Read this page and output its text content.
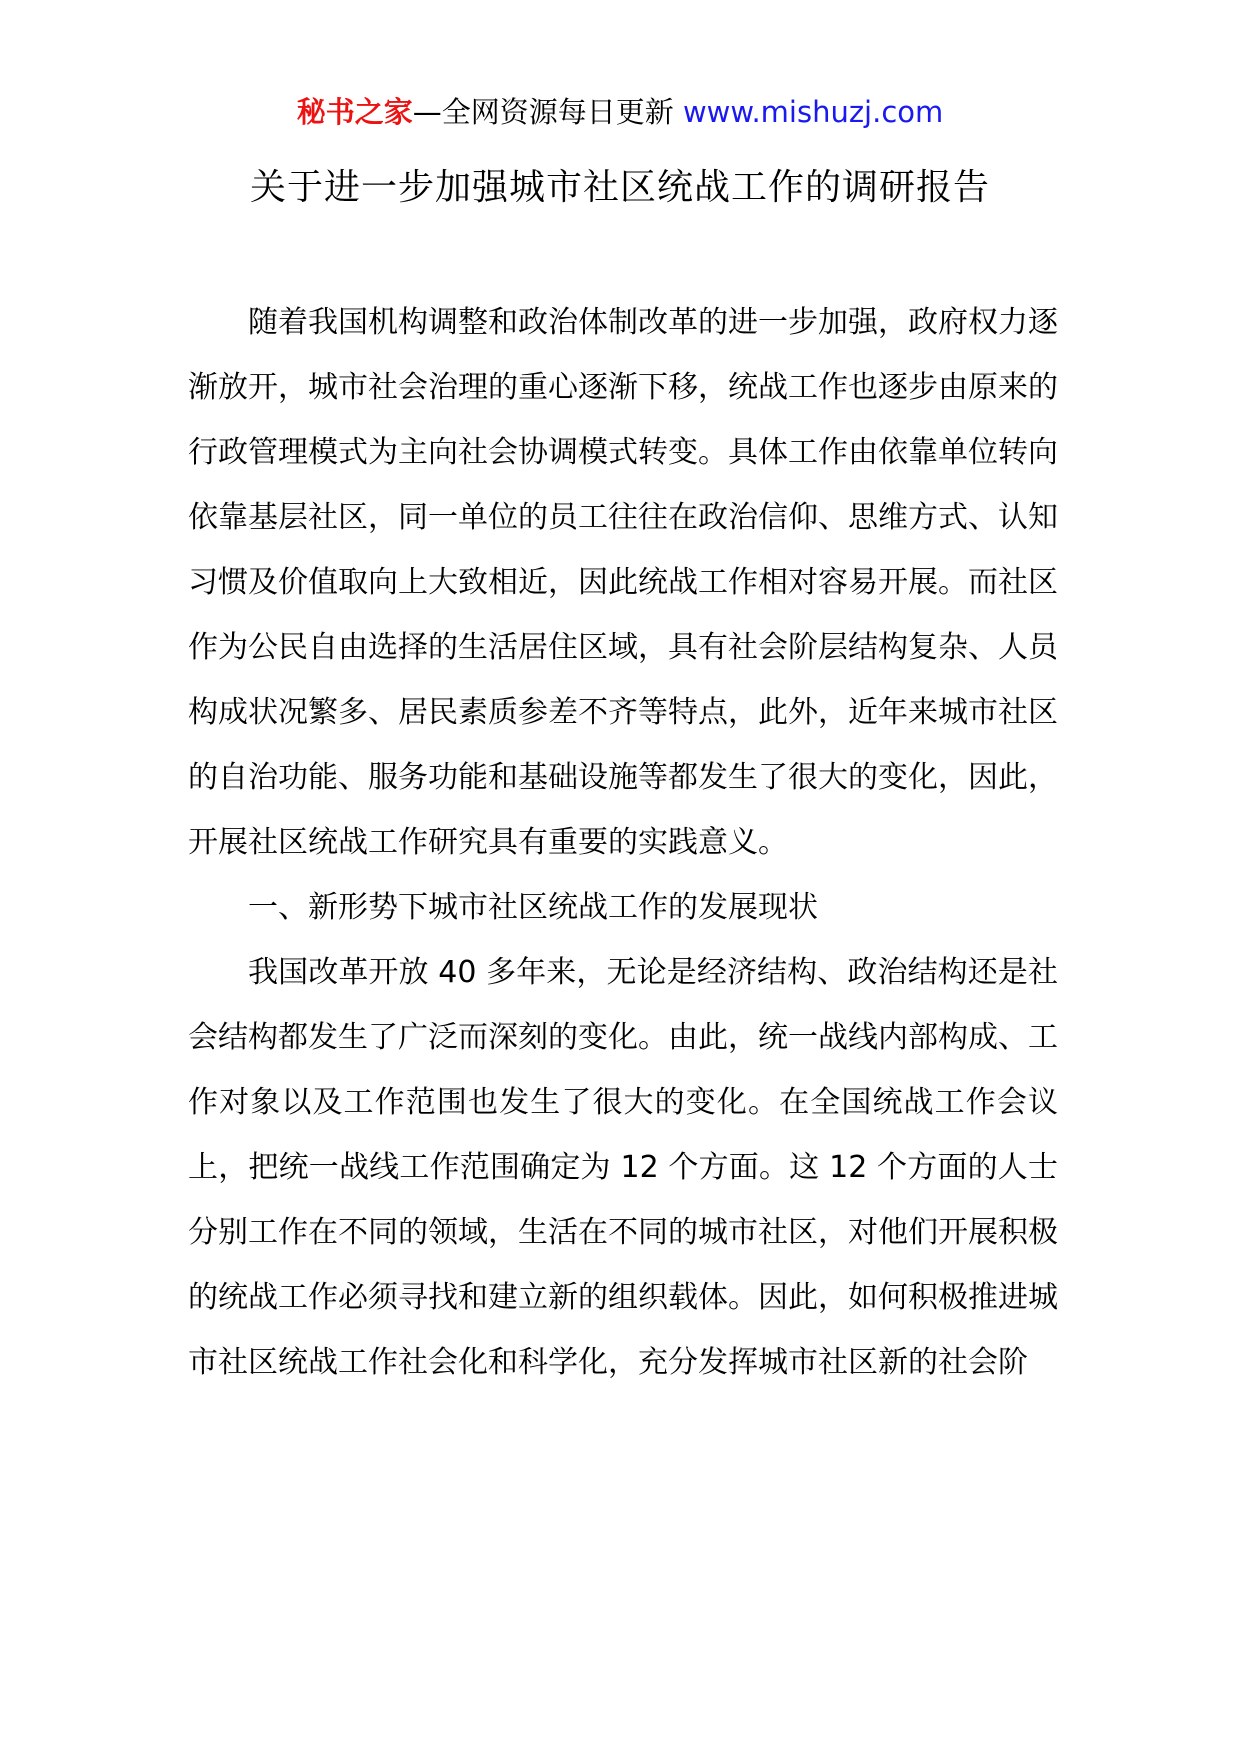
秘书之家—全网资源每日更新 www.mishuzj.com
关于进一步加强城市社区统战工作的调研报告

随着我国机构调整和政治体制改革的进一步加强，政府权力逐渐放开，城市社会治理的重心逐渐下移，统战工作也逐步由原来的行政管理模式为主向社会协调模式转变。具体工作由依靠单位转向依靠基层社区，同一单位的员工往往在政治信仰、思维方式、认知习惯及价值取向上大致相近，因此统战工作相对容易开展。而社区作为公民自由选择的生活居住区域，具有社会阶层结构复杂、人员构成状况繁多、居民素质参差不齐等特点，此外，近年来城市社区的自治功能、服务功能和基础设施等都发生了很大的变化，因此，开展社区统战工作研究具有重要的实践意义。

一、新形势下城市社区统战工作的发展现状

我国改革开放 40 多年来，无论是经济结构、政治结构还是社会结构都发生了广泛而深刻的变化。由此，统一战线内部构成、工作对象以及工作范围也发生了很大的变化。在全国统战工作会议上，把统一战线工作范围确定为 12 个方面。这 12 个方面的人士分别工作在不同的领域，生活在不同的城市社区，对他们开展积极的统战工作必须寻找和建立新的组织载体。因此，如何积极推进城市社区统战工作社会化和科学化，充分发挥城市社区新的社会阶
